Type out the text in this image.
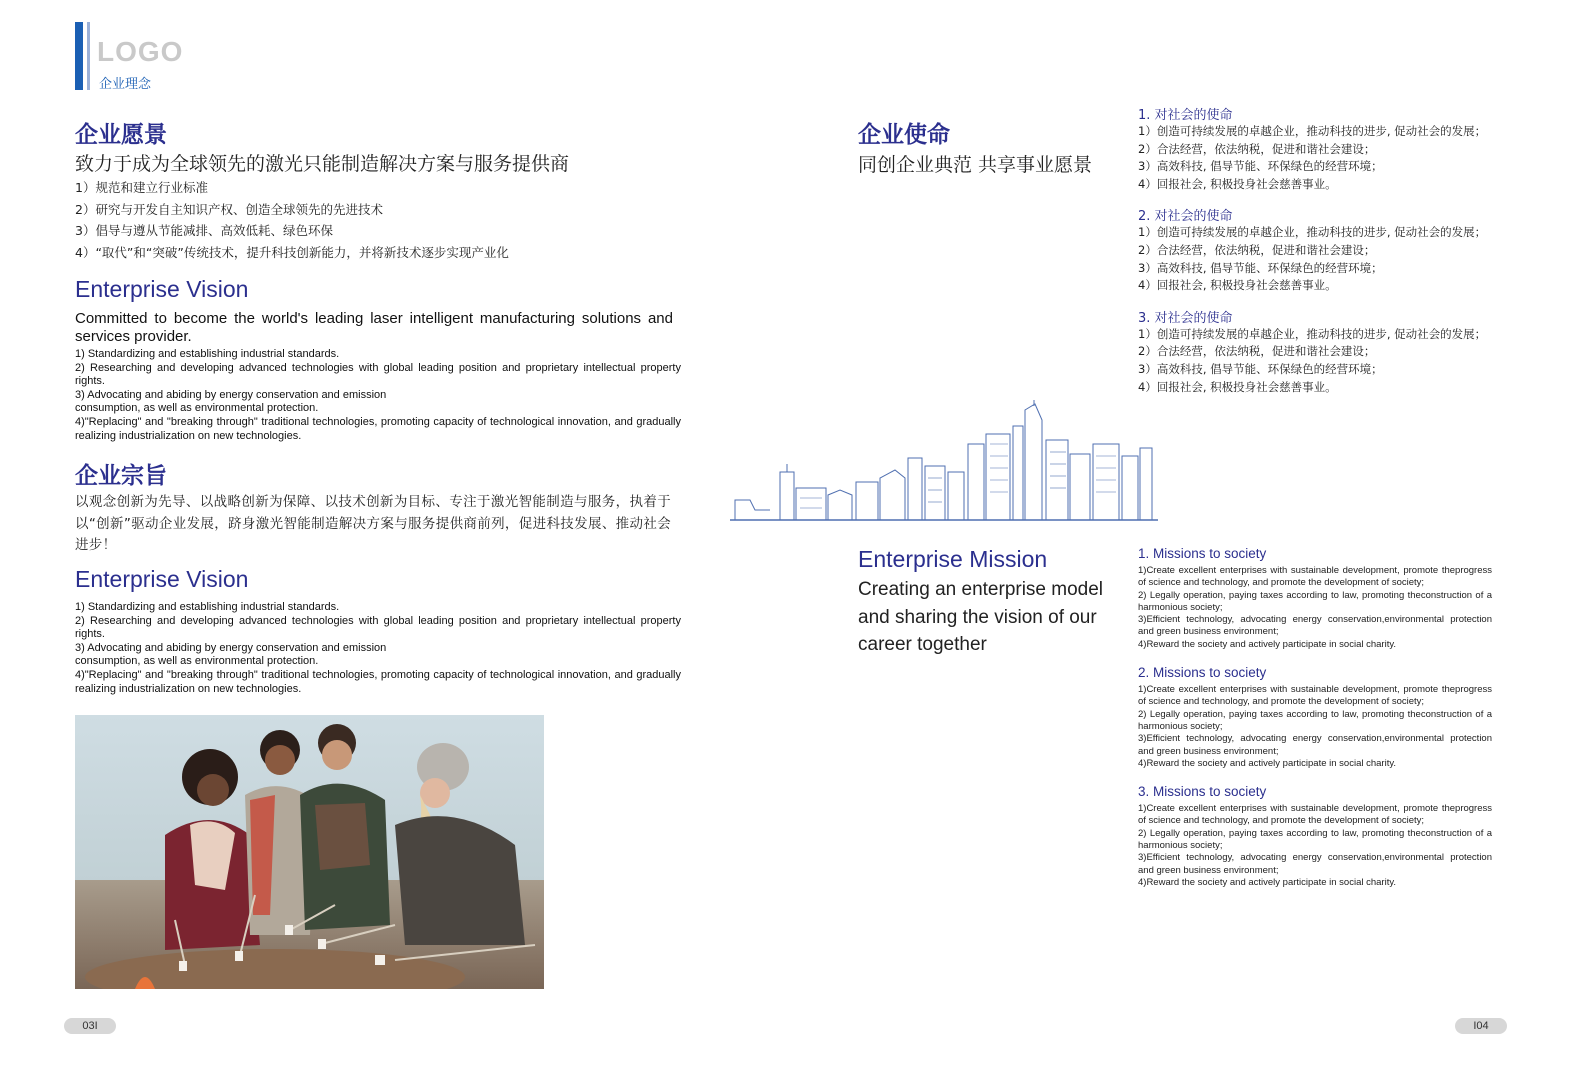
LOGO
企业理念
企业愿景
致力于成为全球领先的激光只能制造解决方案与服务提供商
1）规范和建立行业标准
2）研究与开发自主知识产权、创造全球领先的先进技术
3）倡导与遵从节能减排、高效低耗、绿色环保
4）“取代”和“突破”传统技术，提升科技创新能力，并将新技术逐步实现产业化
Enterprise Vision
Committed to become the world's leading laser intelligent manufacturing solutions and services provider.
1) Standardizing and establishing industrial standards.
2) Researching and developing advanced technologies with global leading position and proprietary intellectual property rights.
3) Advocating and abiding by energy conservation and emission consumption, as well as environmental protection.
4)"Replacing" and "breaking through" traditional technologies, promoting capacity of technological innovation, and gradually realizing industrialization on new technologies.
企业宗旨
以观念创新为先导、以战略创新为保障、以技术创新为目标、专注于激光智能制造与服务，执着于以“创新”驱动企业发展，跻身激光智能制造解决方案与服务提供商前列，促进科技发展、推动社会进步！
Enterprise Vision
1) Standardizing and establishing industrial standards.
2) Researching and developing advanced technologies with global leading position and proprietary intellectual property rights.
3) Advocating and abiding by energy conservation and emission consumption, as well as environmental protection.
4)"Replacing" and "breaking through" traditional technologies, promoting capacity of technological innovation, and gradually realizing industrialization on new technologies.
03I
企业使命
同创企业典范 共享事业愿景
1. 对社会的使命
1）创造可持续发展的卓越企业，推动科技的进步, 促动社会的发展；
2）合法经营，依法纳税，促进和谐社会建设；
3）高效科技, 倡导节能、环保绿色的经营环境；
4）回报社会, 积极投身社会慈善事业。
2. 对社会的使命
1）创造可持续发展的卓越企业，推动科技的进步, 促动社会的发展；
2）合法经营，依法纳税，促进和谐社会建设；
3）高效科技, 倡导节能、环保绿色的经营环境；
4）回报社会, 积极投身社会慈善事业。
3. 对社会的使命
1）创造可持续发展的卓越企业，推动科技的进步, 促动社会的发展；
2）合法经营，依法纳税，促进和谐社会建设；
3）高效科技, 倡导节能、环保绿色的经营环境；
4）回报社会, 积极投身社会慈善事业。
Enterprise Mission
Creating an enterprise model and sharing the vision of our career together
1. Missions to society
1)Create excellent enterprises with sustainable development, promote theprogress of science and technology, and promote the development of society;
2) Legally operation, paying taxes according to law, promoting theconstruction of a harmonious society;
3)Efficient technology, advocating energy conservation,environmental protection and green business environment;
4)Reward the society and actively participate in social charity.
2. Missions to society
1)Create excellent enterprises with sustainable development, promote theprogress of science and technology, and promote the development of society;
2) Legally operation, paying taxes according to law, promoting theconstruction of a harmonious society;
3)Efficient technology, advocating energy conservation,environmental protection and green business environment;
4)Reward the society and actively participate in social charity.
3. Missions to society
1)Create excellent enterprises with sustainable development, promote theprogress of science and technology, and promote the development of society;
2) Legally operation, paying taxes according to law, promoting theconstruction of a harmonious society;
3)Efficient technology, advocating energy conservation,environmental protection and green business environment;
4)Reward the society and actively participate in social charity.
I04
